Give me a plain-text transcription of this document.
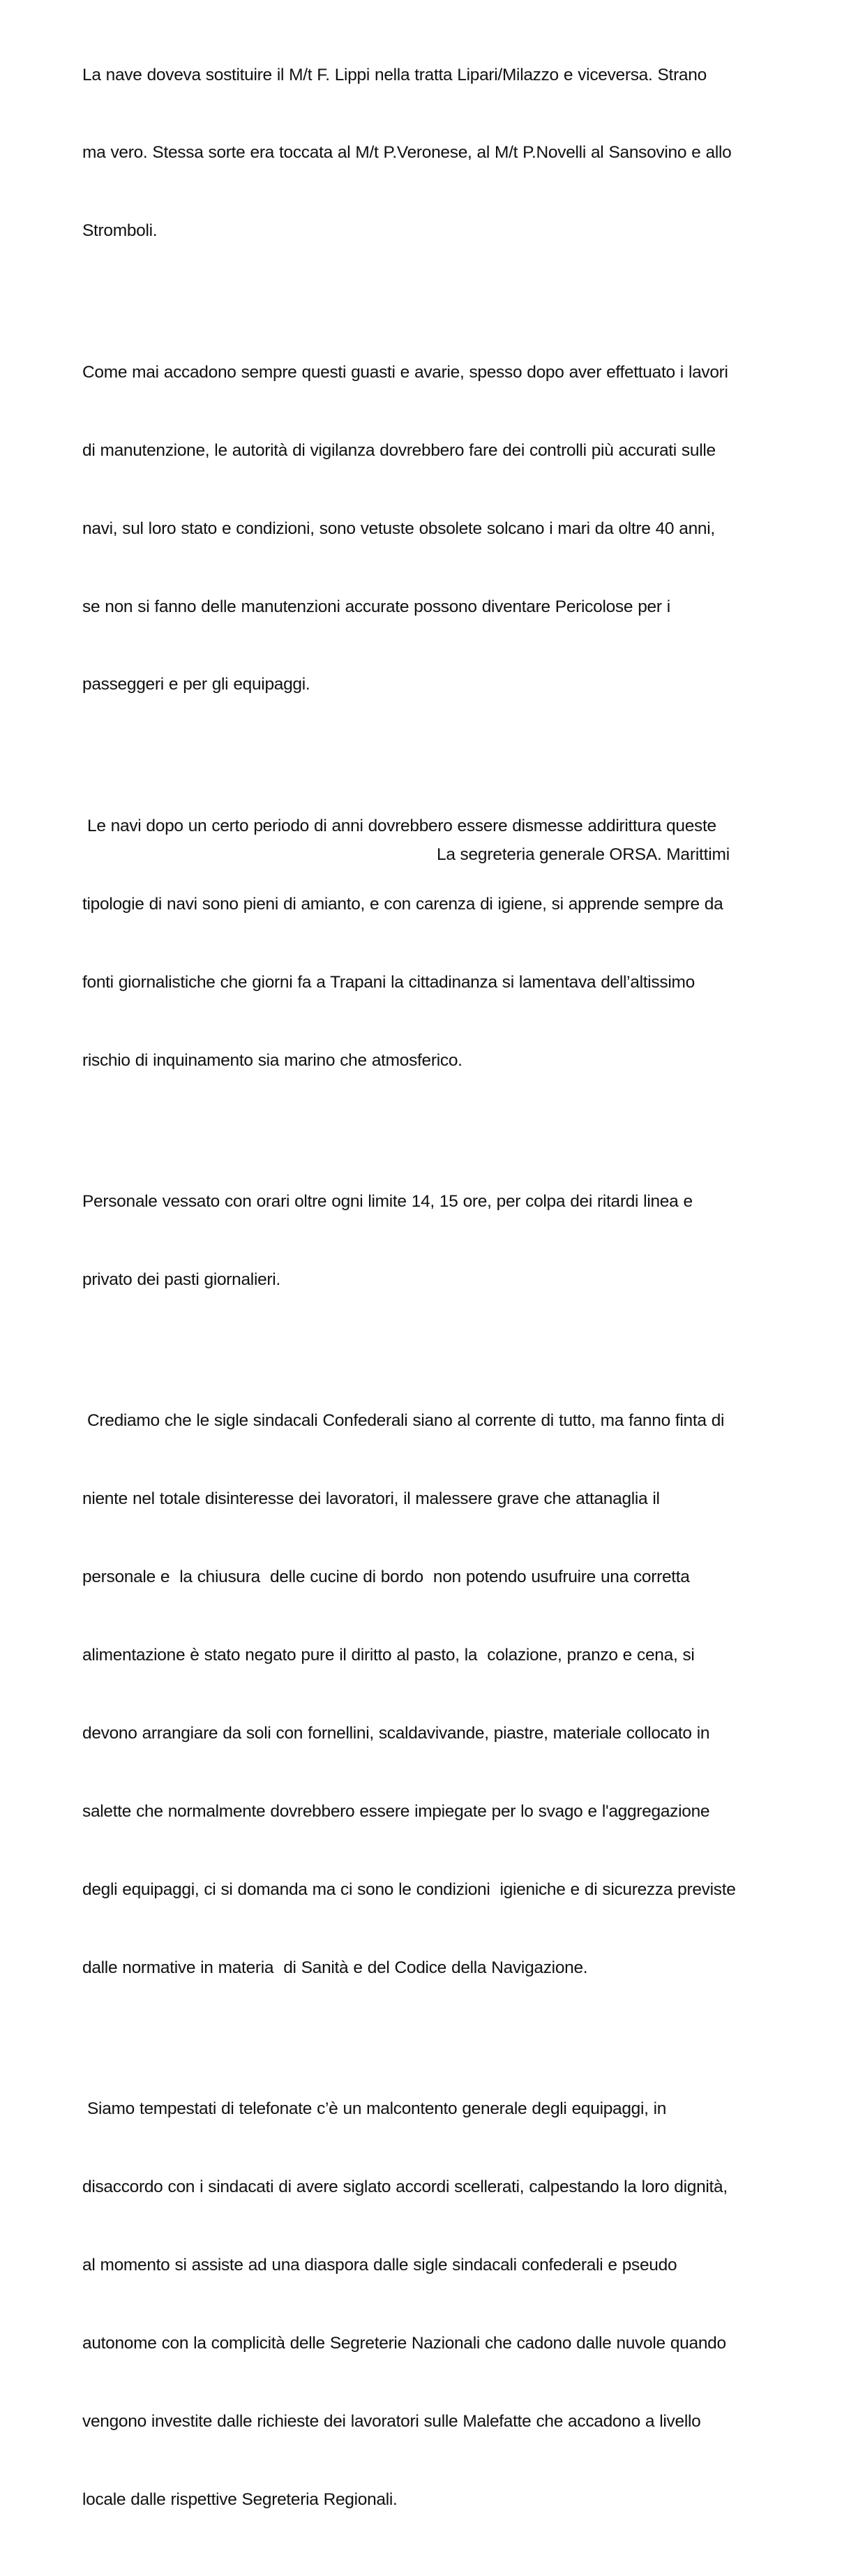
La nave doveva sostituire il M/t F. Lippi nella tratta Lipari/Milazzo e viceversa. Strano

ma vero. Stessa sorte era toccata al M/t P.Veronese, al M/t P.Novelli al Sansovino e allo

Stromboli.

Come mai accadono sempre questi guasti e avarie, spesso dopo aver effettuato i lavori

di manutenzione, le autorità di vigilanza dovrebbero fare dei controlli più accurati sulle

navi, sul loro stato e condizioni, sono vetuste obsolete solcano i mari da oltre 40 anni,

se non si fanno delle manutenzioni accurate possono diventare Pericolose per i

passeggeri e per gli equipaggi.

Le navi dopo un certo periodo di anni dovrebbero essere dismesse addirittura queste

tipologie di navi sono pieni di amianto, e con carenza di igiene, si apprende sempre da

fonti giornalistiche che giorni fa a Trapani la cittadinanza si lamentava dell’altissimo

rischio di inquinamento sia marino che atmosferico.

Personale vessato con orari oltre ogni limite 14, 15 ore, per colpa dei ritardi linea e

privato dei pasti giornalieri.

Crediamo che le sigle sindacali Confederali siano al corrente di tutto, ma fanno finta di

niente nel totale disinteresse dei lavoratori, il malessere grave che attanaglia il

personale e  la chiusura  delle cucine di bordo  non potendo usufruire una corretta

alimentazione è stato negato pure il diritto al pasto, la  colazione, pranzo e cena, si

devono arrangiare da soli con fornellini, scaldavivande, piastre, materiale collocato in

salette che normalmente dovrebbero essere impiegate per lo svago e l'aggregazione

degli equipaggi, ci si domanda ma ci sono le condizioni  igieniche e di sicurezza previste

dalle normative in materia  di Sanità e del Codice della Navigazione.

Siamo tempestati di telefonate c’è un malcontento generale degli equipaggi, in

disaccordo con i sindacati di avere siglato accordi scellerati, calpestando la loro dignità,

al momento si assiste ad una diaspora dalle sigle sindacali confederali e pseudo

autonome con la complicità delle Segreterie Nazionali che cadono dalle nuvole quando

vengono investite dalle richieste dei lavoratori sulle Malefatte che accadono a livello

locale dalle rispettive Segreteria Regionali.

La segreteria generale ORSA. Marittimi
